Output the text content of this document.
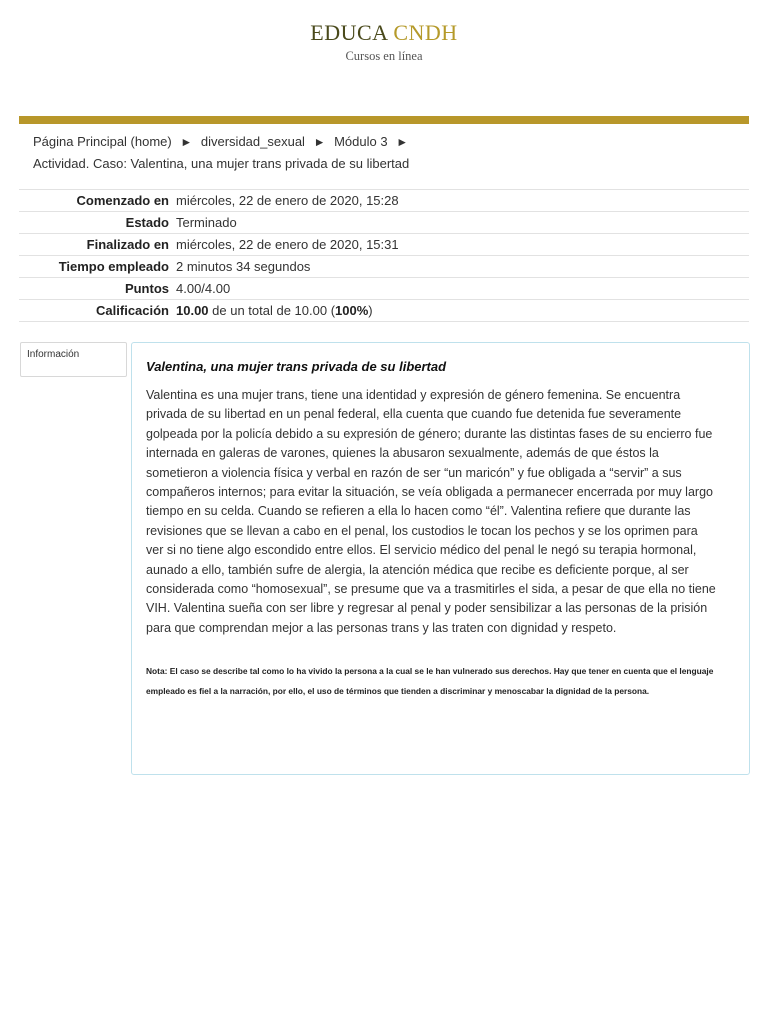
EDUCA CNDH
Cursos en línea
Página Principal (home) ► diversidad_sexual ► Módulo 3 ►
Actividad. Caso: Valentina, una mujer trans privada de su libertad
Comenzado en	miércoles, 22 de enero de 2020, 15:28
Estado	Terminado
Finalizado en	miércoles, 22 de enero de 2020, 15:31
Tiempo empleado	2 minutos 34 segundos
Puntos	4.00/4.00
Calificación	10.00 de un total de 10.00 (100%)
Información
Valentina, una mujer trans privada de su libertad

Valentina es una mujer trans, tiene una identidad y expresión de género femenina. Se encuentra privada de su libertad en un penal federal, ella cuenta que cuando fue detenida fue severamente golpeada por la policía debido a su expresión de género; durante las distintas fases de su encierro fue internada en galeras de varones, quienes la abusaron sexualmente, además de que éstos la sometieron a violencia física y verbal en razón de ser “un maricón” y fue obligada a “servir” a sus compañeros internos; para evitar la situación, se veía obligada a permanecer encerrada por muy largo tiempo en su celda. Cuando se refieren a ella lo hacen como “él”. Valentina refiere que durante las revisiones que se llevan a cabo en el penal, los custodios le tocan los pechos y se los oprimen para ver si no tiene algo escondido entre ellos. El servicio médico del penal le negó su terapia hormonal, aunado a ello, también sufre de alergia, la atención médica que recibe es deficiente porque, al ser considerada como “homosexual”, se presume que va a trasmitirles el sida, a pesar de que ella no tiene VIH. Valentina sueña con ser libre y regresar al penal y poder sensibilizar a las personas de la prisión para que comprendan mejor a las personas trans y las traten con dignidad y respeto.

Nota: El caso se describe tal como lo ha vivido la persona a la cual se le han vulnerado sus derechos. Hay que tener en cuenta que el lenguaje empleado es fiel a la narración, por ello, el uso de términos que tienden a discriminar y menoscabar la dignidad de la persona.
